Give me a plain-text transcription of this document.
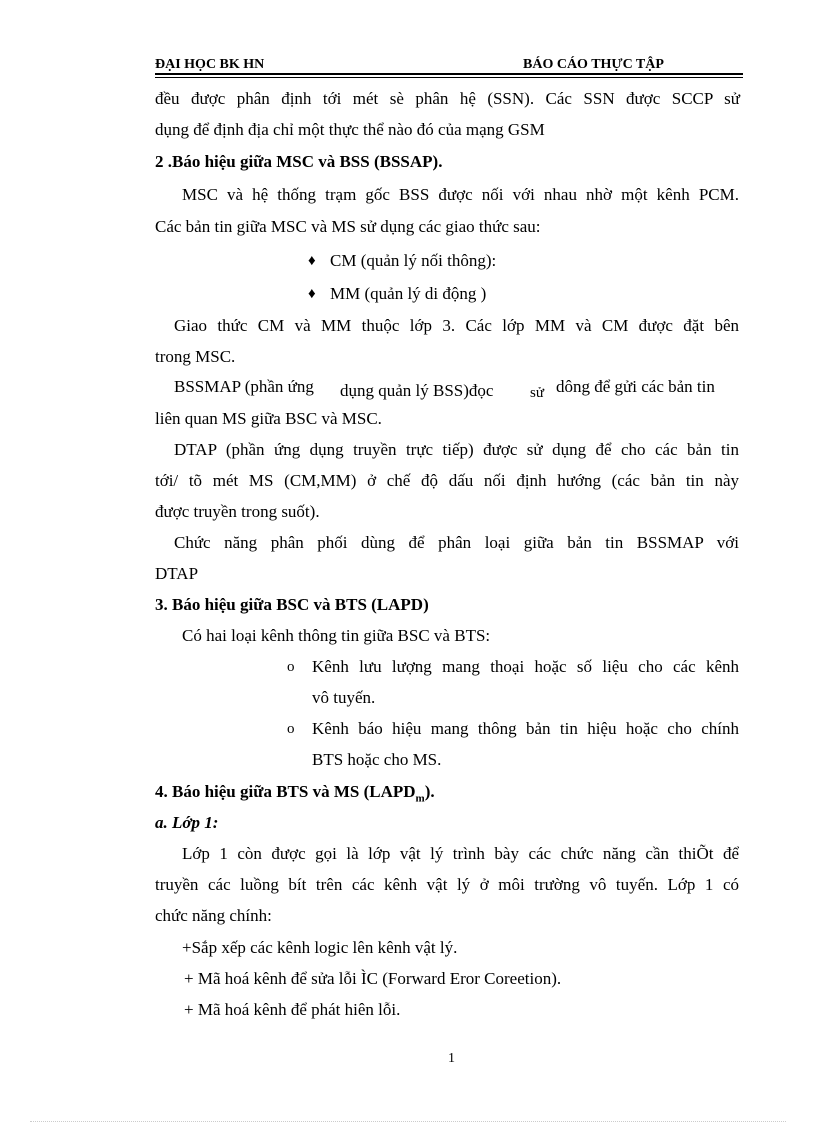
ĐẠI HỌC BK HN	BÁO CÁO THỰC TẬP
đều được phân định tới mét sè phân hệ (SSN). Các SSN được SCCP sử
dụng để định địa chỉ một thực thể nào đó của mạng GSM
2 .Báo hiệu giữa MSC và BSS (BSSAP).
MSC và hệ thống trạm gốc BSS được nối với nhau nhờ một kênh PCM.
Các bản tin giữa MSC và MS sử dụng các giao thức sau:
♦ CM (quản lý nối thông):
♦ MM (quản lý di động )
Giao thức CM và MM thuộc lớp 3. Các lớp MM và CM được đặt bên
trong MSC.
BSSMAP (phần ứng dụng quản lý BSS)đọc sử dông để gửi các bản tin
liên quan MS giữa BSC và MSC.
DTAP (phần ứng dụng truyền trực tiếp) được sử dụng để cho các bản tin
tới/ tõ mét MS (CM,MM) ở chế độ dấu nối định hướng (các bản tin này
được truyền trong suốt).
Chức năng phân phối dùng để phân loại giữa bản tin BSSMAP với
DTAP
3. Báo hiệu giữa BSC và BTS (LAPD)
Có hai loại kênh thông tin giữa BSC và BTS:
o Kênh lưu lượng mang thoại hoặc số liệu cho các kênh
vô tuyến.
o Kênh báo hiệu mang thông bản tin hiệu hoặc cho chính
BTS hoặc cho MS.
4. Báo hiệu giữa BTS và MS $(LAPD_m)$.
a. Lớp 1:
Lớp 1 còn được gọi là lớp vật lý trình bày các chức năng cần thiÕt để
truyền các luồng bít trên các kênh vật lý ở môi trường vô tuyến. Lớp 1 có
chức năng chính:
+Sắp xếp các kênh logic lên kênh vật lý.
+ Mã hoá kênh để sửa lỗi ÌC (Forward Eror Coreetion).
+ Mã hoá kênh để phát hiên lỗi.
1
